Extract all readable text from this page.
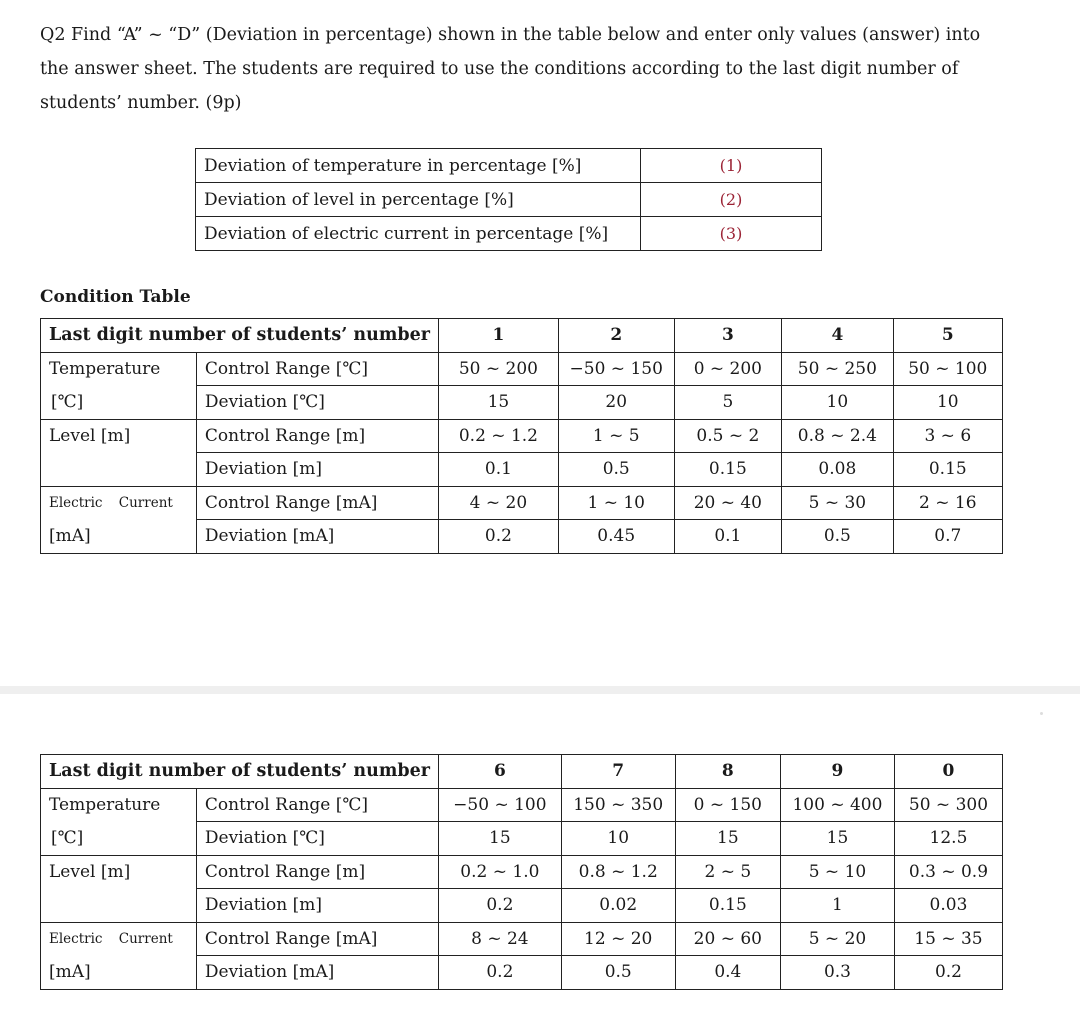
Q2 Find “A” ~ “D” (Deviation in percentage) shown in the table below and enter only values (answer) into

the answer sheet. The students are required to use the conditions according to the last digit number of

students’ number. (9p)

Deviation of temperature in percentage [%]	(1)
Deviation of level in percentage [%]	(2)
Deviation of electric current in percentage [%]	(3)
Condition Table
Last digit number of students’ number		1	2	3	4	5
Temperature	Control Range [℃]	50 ~ 200	−50 ~ 150	0 ~ 200	50 ~ 250	50 ~ 100
[℃]	Deviation [℃]	15	20	5	10	10
Level [m]	Control Range [m]	0.2 ~ 1.2	1 ~ 5	0.5 ~ 2	0.8 ~ 2.4	3 ~ 6
	Deviation [m]	0.1	0.5	0.15	0.08	0.15
Electric Current	Control Range [mA]	4 ~ 20	1 ~ 10	20 ~ 40	5 ~ 30	2 ~ 16
[mA]	Deviation [mA]	0.2	0.45	0.1	0.5	0.7
Last digit number of students’ number		6	7	8	9	0
Temperature	Control Range [℃]	−50 ~ 100	150 ~ 350	0 ~ 150	100 ~ 400	50 ~ 300
[℃]	Deviation [℃]	15	10	15	15	12.5
Level [m]	Control Range [m]	0.2 ~ 1.0	0.8 ~ 1.2	2 ~ 5	5 ~ 10	0.3 ~ 0.9
	Deviation [m]	0.2	0.02	0.15	1	0.03
Electric Current	Control Range [mA]	8 ~ 24	12 ~ 20	20 ~ 60	5 ~ 20	15 ~ 35
[mA]	Deviation [mA]	0.2	0.5	0.4	0.3	0.2
